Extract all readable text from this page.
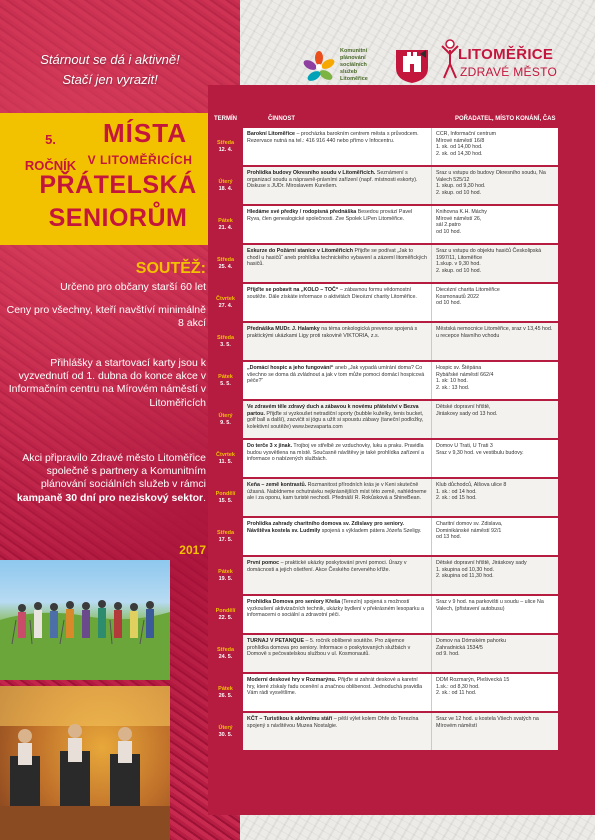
Stárnout se dá i aktivně!
Stačí jen vyrazit!
Komunitní plánování sociálních služeb Litoměřice
LITOMĚŘICE
ZDRAVÉ MĚSTO
5. ROČNÍK
MÍSTA
V LITOMĚŘICÍCH
PŘÁTELSKÁ
SENIORŮM
SOUTĚŽ:
Určeno pro občany starší 60 let
Ceny pro všechny, kteří navštíví minimálně 8 akcí
Přihlášky a startovací karty jsou k vyzvednutí od 1. dubna do konce akce v Informačním centru na Mírovém náměstí v Litoměřicích
Akci připravilo Zdravé město Litoměřice společně s partnery a Komunitním plánování sociálních služeb v rámci kampaně 30 dní pro neziskový sektor.
2017
TERMÍN	ČINNOST	POŘADATEL, MÍSTO KONÁNÍ, ČAS
Středa
12. 4.
Barokní Litoměřice – procházka barokním centrem města s průvodcem. Rezervace nutná na tel.: 416 916 440 nebo přímo v Infocentru.
CCR, Informační centrum
Mírové náměstí 16/8
1. sk. od 14,00 hod.
2. sk. od 14,30 hod.
Úterý
18. 4.
Prohlídka budovy Okresního soudu v Litoměřicích. Seznámení s organizací soudu a nápravně-právními zařízení (např. místnosti eskorty). Diskuse s JUDr. Miroslavem Kurešem.
Sraz u vstupu do budovy Okresního soudu, Na Valech 525/12
1. skup. od 9,30 hod.
2. skup. od 10 hod.
Pátek
21. 4.
Hledáme své předky / rodopisná přednáška Besedou provází Pavel Ryva, člen genealogické společnosti. Zve Spolek LiPen Litoměřice.
Knihovna K.H. Máchy
Mírové náměstí 26,
sál 2.patro
od 10 hod.
Středa
25. 4.
Exkurze do Požární stanice v Litoměřicích Přijďte se podívat „Jak to chodí u hasičů“ aneb prohlídka technického vybavení a zázemí litoměřických hasičů.
Sraz u vstupu do objektu hasičů Českolipská 1997/11, Litoměřice
1.skup. v 9,30 hod.
2. skup. od 10 hod.
Čtvrtek
27. 4.
Přijďte se pobavit na „KOLO – TOČ“ – zábavnou formu vědomostní soutěže. Dále získáte informace o aktivitách Diecézní charity Litoměřice.
Diecézní charita Litoměřice
Kosmonautů 2022
od 10 hod.
Středa
3. 5.
Přednáška MUDr. J. Halamky na téma onkologická prevence spojená s praktickými ukázkami Ligy proti rakovině VIKTORIA, z.s.
Městská nemocnice Litoměřice, sraz v 13,45 hod. u recepce hlavního vchodu
Pátek
5. 5.
„Domácí hospic a jeho fungování“ aneb „Jak vypadá umírání doma? Co všechno se doma dá zvládnout a jak v tom může pomoci domácí hospicová péče?“
Hospic sv. Štěpána
Rybářské náměstí 662/4
1. sk: 10 hod.
2. sk.: 13 hod.
Úterý
9. 5.
Ve zdravém těle zdravý duch a zábavou k novému přátelství v Bezva partou. Přijďte si vyzkoušet netradiční sporty (bubble kuželky, tenis bucket, golf ball a další), zacvičit si jógu a užít si spoustu zábavy (taneční podložky, kolektivní soutěže) www.bezvaparta.com
Dětské dopravní hřiště,
Jiráskovy sady od 13 hod.
Čtvrtek
11. 5.
Do terče 3 x jinak. Trojboj ve střelbě ze vzduchovky, luku a praku. Pravidla budou vysvětlena na místě. Současně návštěvy je také prohlídka zařízení a informace o nabízených službách.
Domov U Trati, U Trati 3
Sraz v 9,30 hod. ve vestibulu budovy.
Pondělí
15. 5.
Keňa – země kontrastů. Rozmanitost přírodních krás je v Keni skutečně úžasná. Nabídneme ochutnávku nejkrásnějších míst této země, nahlédneme ale i za oponu, kam turisté nechodí. Přednáší R. Rokůsková a ShineBean.
Klub důchodců, Alšova ulice 8
1. sk.: od 14 hod.
2. sk.: od 15 hod.
Středa
17. 5.
Prohlídka zahrady charitního domova sv. Zdislavy pro seniory. Návštěva kostela sv. Ludmily spojená s výkladem pátera Józefa Szeligy.
Charitní domov sv. Zdislava,
Dominikánské náměstí 92/1
od 13 hod.
Pátek
19. 5.
První pomoc – praktické ukázky poskytování první pomoci. Úrazy v domácnosti a jejich ošetření. Akce Českého červeného kříže.
Dětské dopravní hřiště, Jiráskovy sady
1. skupina od 10,30 hod.
2. skupina od 11,30 hod.
Pondělí
22. 5.
Prohlídka Domova pro seniory Křeša (Terezín) spojená s možností vyzkoušení aktivizačních technik, ukázky bydlení v překrásném lesoparku a informacemi o sociální a zdravotní péči.
Sraz v 9 hod. na parkovišti u soudu – ulice Na Valech, (přistavení autobusu)
Středa
24. 5.
TURNAJ V PETANQUE – 5. ročník oblíbené soutěže. Pro zájemce prohlídka domova pro seniory. Informace o poskytovaných službách v Domově s pečovatelskou službou v ul. Kosmonautů.
Domov na Dómském pahorku
Zahradnická 1534/5
od 9. hod.
Pátek
26. 5.
Moderní deskové hry v Rozmarýnu. Přijďte si zahrát deskové a karetní hry, které získaly řadu ocenění a značnou oblibenost. Jednoduchá pravidla Vám rádi vysvětlíme.
DDM Rozmarýn, Plešivecká 15
1.sk.: od 8,30 hod.
2. sk.: od 11 hod.
Úterý
30. 5.
KČT – Turistikou k aktivnímu stáří – pěší výlet kolem Ohře do Terezína spojený s návštěvou Muzea Nostalgie.
Sraz ve 12 hod. u kostela Všech svatých na Mírovém náměstí
